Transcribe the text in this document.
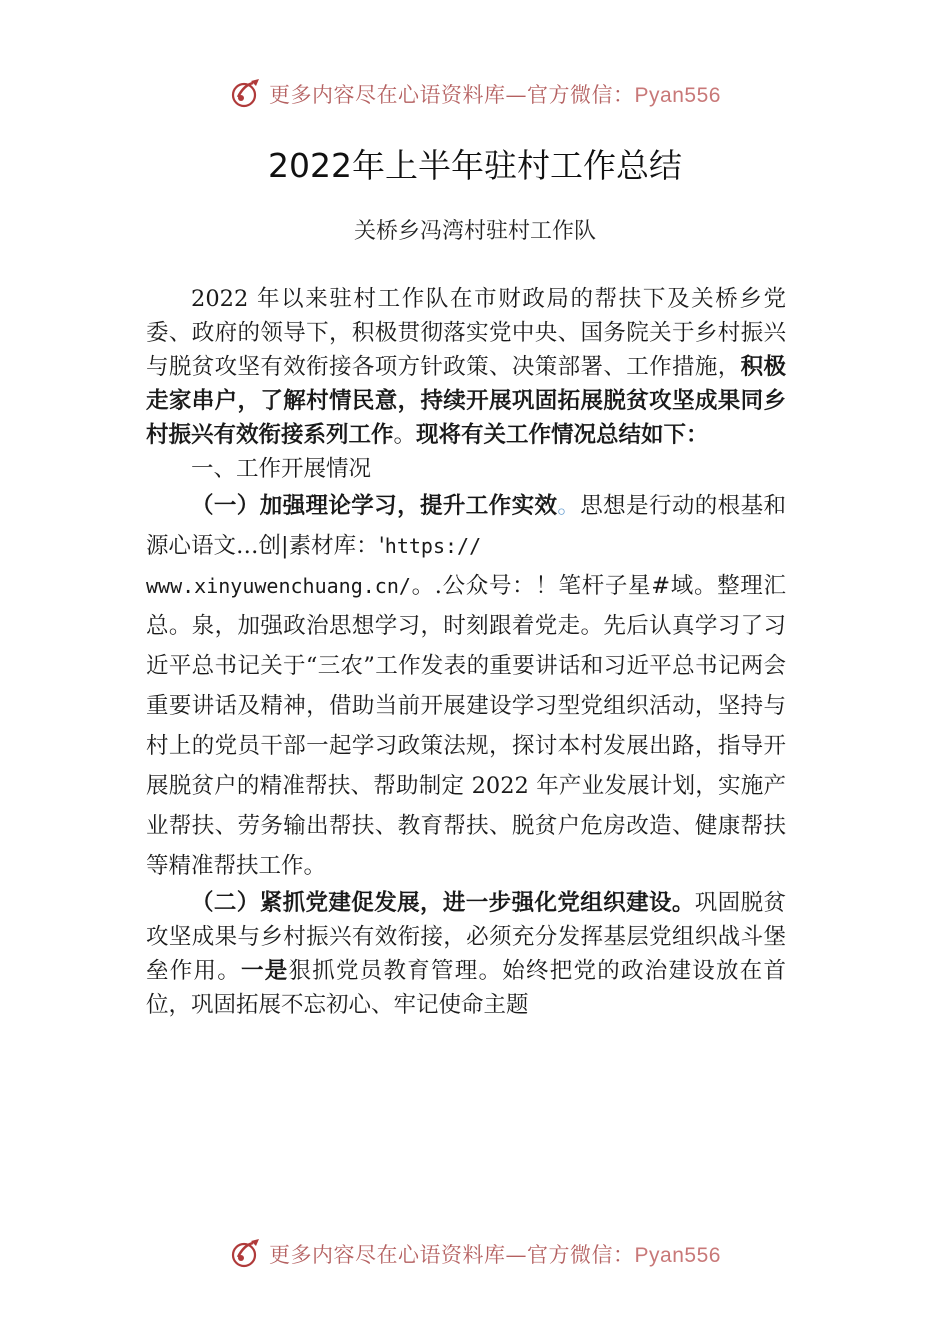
更多内容尽在心语资料库—官方微信：Pyan556
2022年上半年驻村工作总结
关桥乡冯湾村驻村工作队

2022 年以来驻村工作队在市财政局的帮扶下及关桥乡党委、政府的领导下，积极贯彻落实党中央、国务院关于乡村振兴与脱贫攻坚有效衔接各项方针政策、决策部署、工作措施，积极走家串户，了解村情民意，持续开展巩固拓展脱贫攻坚成果同乡村振兴有效衔接系列工作。现将有关工作情况总结如下：

一、工作开展情况

（一）加强理论学习，提升工作实效。思想是行动的根基和源心语文…创|素材库：'https://
www.xinyuwenchuang.cn/。.公众号：！笔杆子星#域。整理汇总。泉，加强政治思想学习，时刻跟着党走。先后认真学习了习近平总书记关于“三农”工作发表的重要讲话和习近平总书记两会重要讲话及精神，借助当前开展建设学习型党组织活动，坚持与村上的党员干部一起学习政策法规，探讨本村发展出路，指导开展脱贫户的精准帮扶、帮助制定 2022 年产业发展计划，实施产业帮扶、劳务输出帮扶、教育帮扶、脱贫户危房改造、健康帮扶等精准帮扶工作。

（二）紧抓党建促发展，进一步强化党组织建设。巩固脱贫攻坚成果与乡村振兴有效衔接，必须充分发挥基层党组织战斗堡垒作用。一是狠抓党员教育管理。始终把党的政治建设放在首位，巩固拓展不忘初心、牢记使命主题

更多内容尽在心语资料库—官方微信：Pyan556
